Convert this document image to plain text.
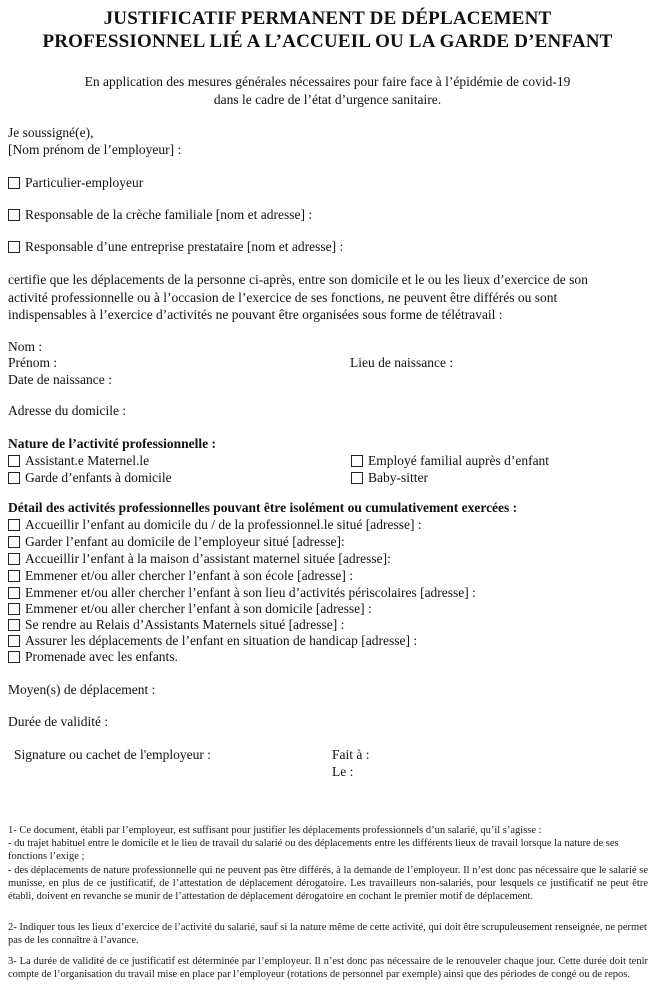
JUSTIFICATIF PERMANENT DE DÉPLACEMENT
PROFESSIONNEL LIÉ A L’ACCUEIL OU LA GARDE D’ENFANT
En application des mesures générales nécessaires pour faire face à l’épidémie de covid-19
dans le cadre de l’état d’urgence sanitaire.
Je soussigné(e),
[Nom prénom de l’employeur] :
Particulier-employeur
Responsable de la crèche familiale [nom et adresse] :
Responsable d’une entreprise prestataire [nom et adresse] :
certifie que les déplacements de la personne ci-après, entre son domicile et le ou les lieux d’exercice de son
activité professionnelle ou à l’occasion de l’exercice de ses fonctions, ne peuvent être différés ou sont
indispensables à l’exercice d’activités ne pouvant être organisées sous forme de télétravail :
Nom :
Prénom :	Lieu de naissance :
Date de naissance :
Adresse du domicile :
Nature de l’activité professionnelle :
Assistant.e Maternel.le
Garde d’enfants à domicile
Employé familial auprès d’enfant
Baby-sitter
Détail des activités professionnelles pouvant être isolément ou cumulativement exercées :
Accueillir l’enfant au domicile du / de la professionnel.le situé [adresse] :
Garder l’enfant au domicile de l’employeur situé [adresse]:
Accueillir l’enfant à la maison d’assistant maternel située [adresse]:
Emmener et/ou aller chercher l’enfant à son école [adresse] :
Emmener et/ou aller chercher l’enfant à son lieu d’activités périscolaires [adresse] :
Emmener et/ou aller chercher l’enfant à son domicile [adresse] :
Se rendre au Relais d’Assistants Maternels situé [adresse] :
Assurer les déplacements de l’enfant en situation de handicap [adresse] :
Promenade avec les enfants.
Moyen(s) de déplacement :
Durée de validité :
Signature ou cachet de l'employeur :	Fait à :
Le :
1- Ce document, établi par l’employeur, est suffisant pour justifier les déplacements professionnels d’un salarié, qu’il s’agisse :
- du trajet habituel entre le domicile et le lieu de travail du salarié ou des déplacements entre les différents lieux de travail lorsque la nature de ses fonctions l’exige ;
- des déplacements de nature professionnelle qui ne peuvent pas être différés, à la demande de l’employeur. Il n’est donc pas nécessaire que le salarié se munisse, en plus de ce justificatif, de l’attestation de déplacement dérogatoire. Les travailleurs non-salariés, pour lesquels ce justificatif ne peut être établi, doivent en revanche se munir de l’attestation de déplacement dérogatoire en cochant le premier motif de déplacement.
2- Indiquer tous les lieux d’exercice de l’activité du salarié, sauf si la nature même de cette activité, qui doit être scrupuleusement renseignée, ne permet pas de les connaître à l’avance.
3- La durée de validité de ce justificatif est déterminée par l’employeur. Il n’est donc pas nécessaire de le renouveler chaque jour. Cette durée doit tenir compte de l’organisation du travail mise en place par l’employeur (rotations de personnel par exemple) ainsi que des périodes de congé ou de repos.
